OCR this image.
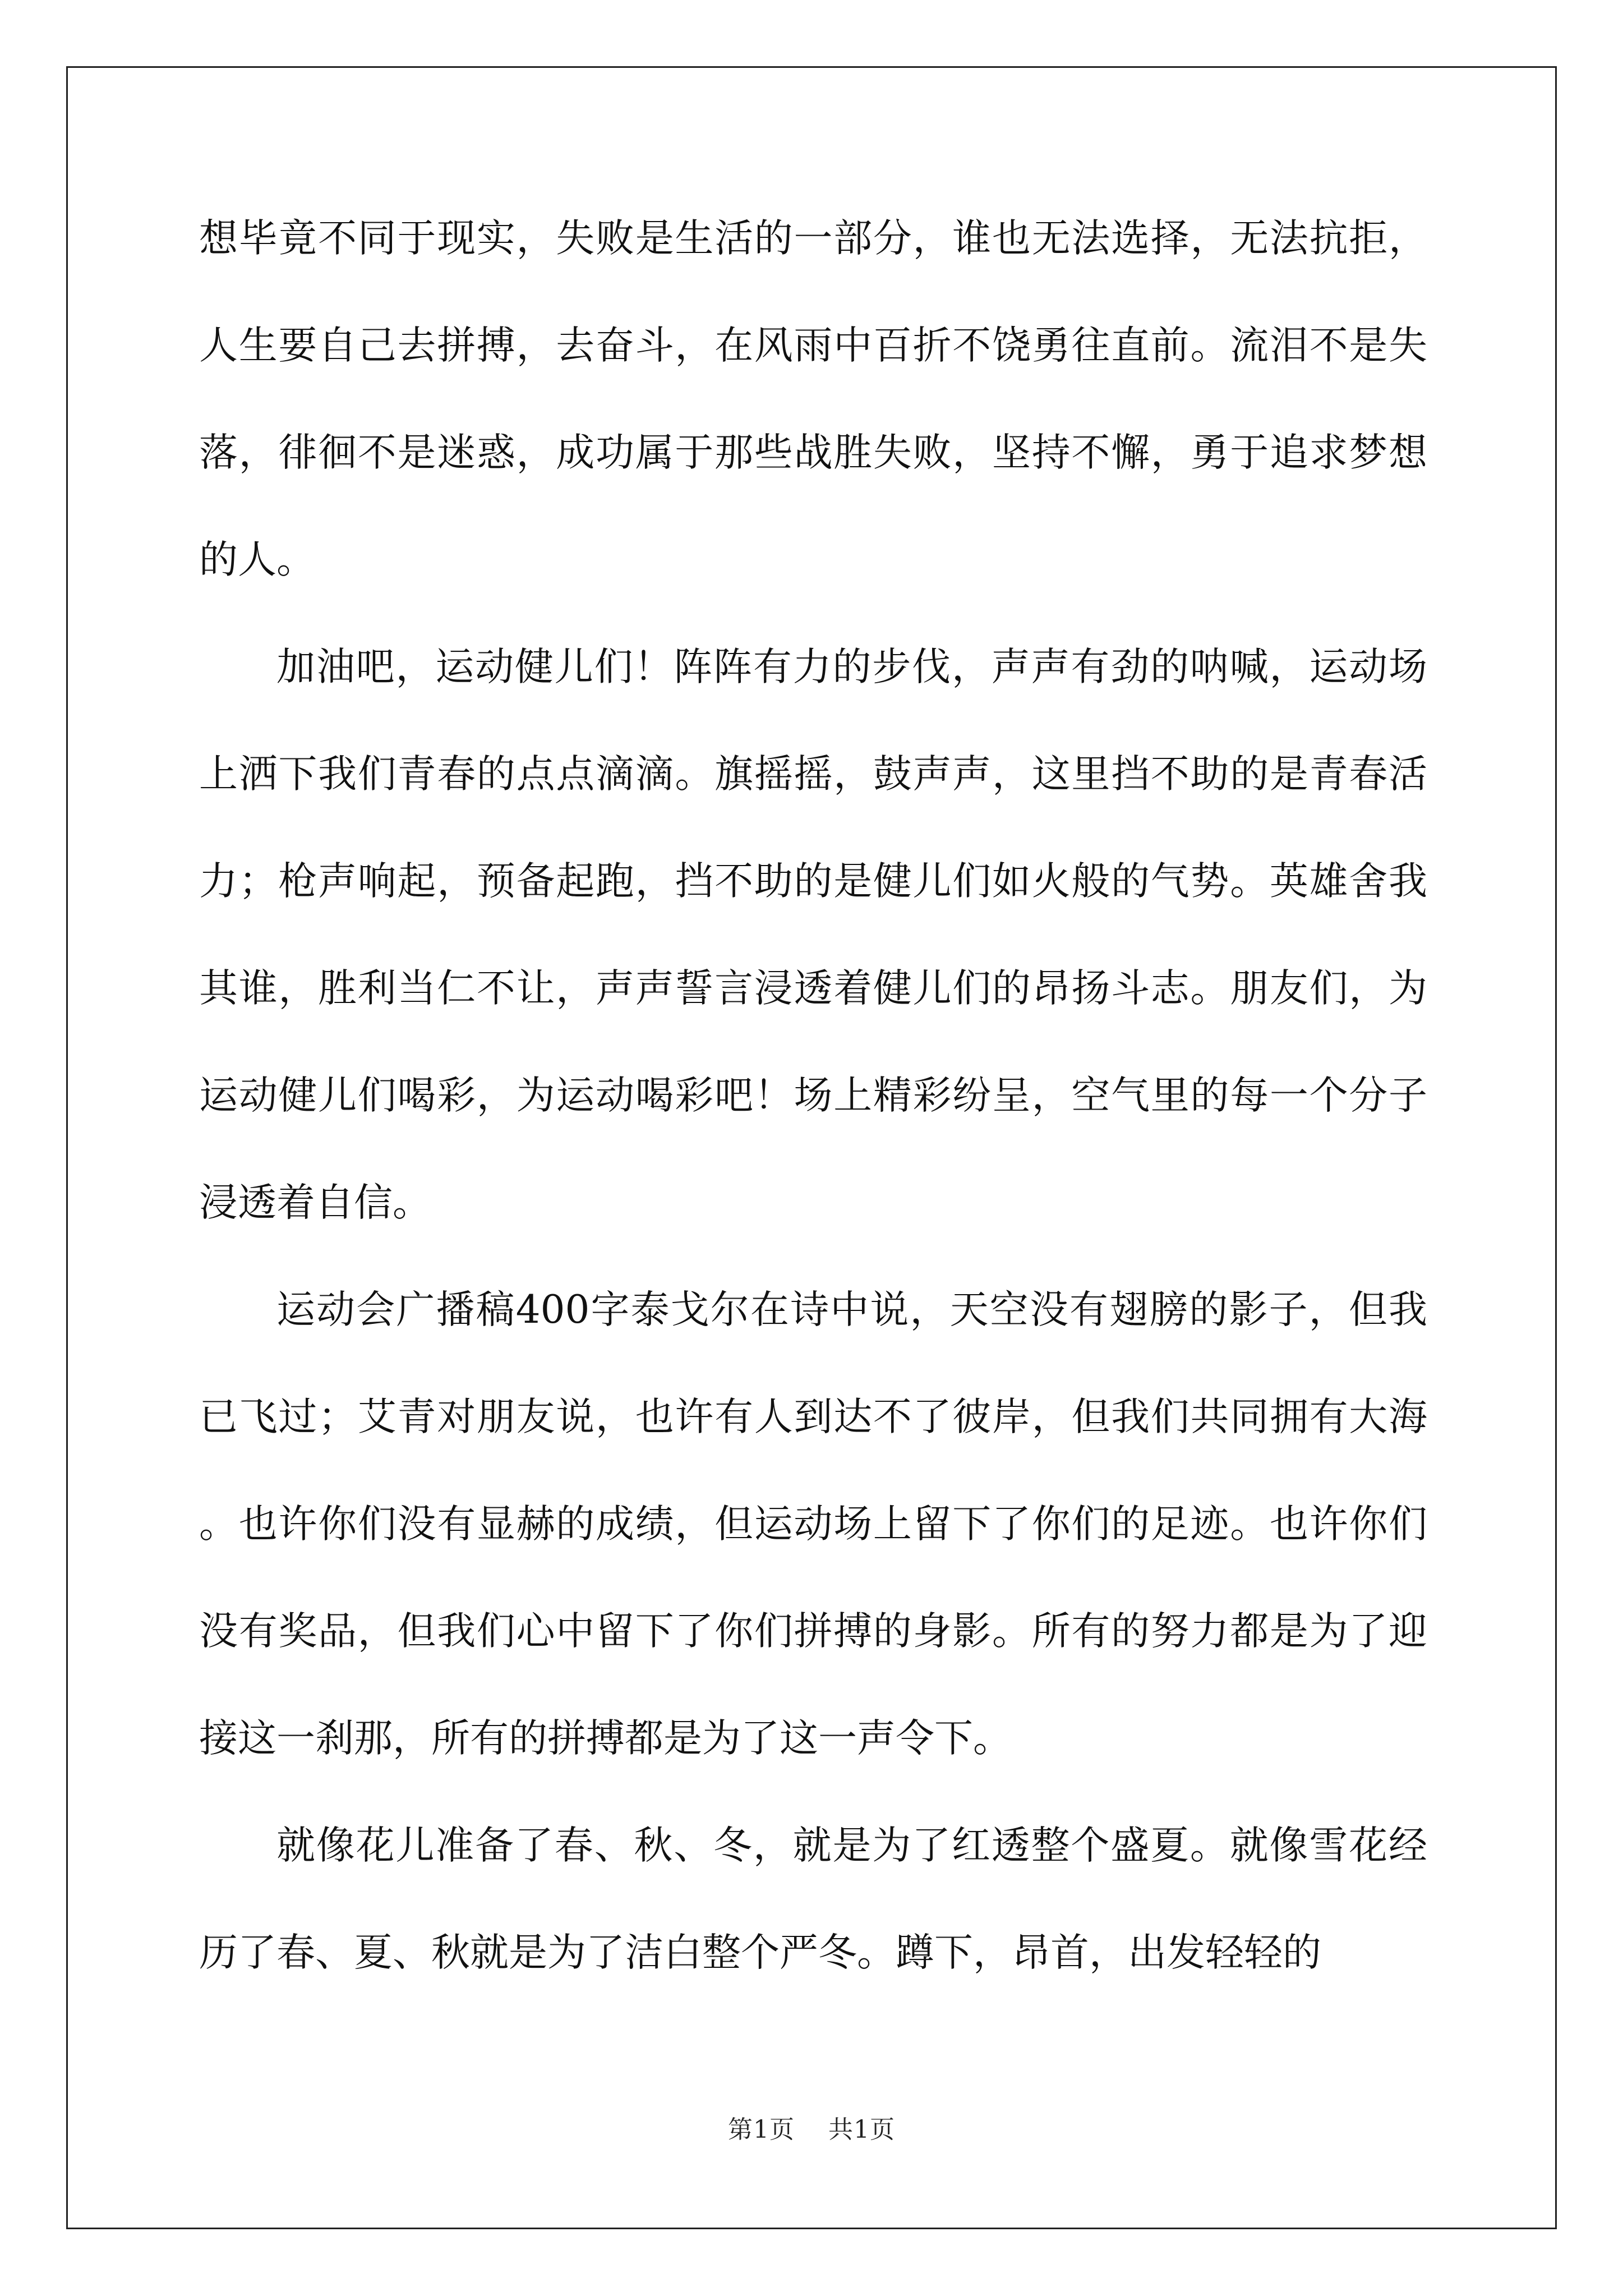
想毕竟不同于现实，失败是生活的一部分，谁也无法选择，无法抗拒，人生要自己去拼搏，去奋斗，在风雨中百折不饶勇往直前。流泪不是失落，徘徊不是迷惑，成功属于那些战胜失败，坚持不懈，勇于追求梦想的人。

加油吧，运动健儿们！阵阵有力的步伐，声声有劲的呐喊，运动场上洒下我们青春的点点滴滴。旗摇摇，鼓声声，这里挡不助的是青春活力；枪声响起，预备起跑，挡不助的是健儿们如火般的气势。英雄舍我其谁，胜利当仁不让，声声誓言浸透着健儿们的昂扬斗志。朋友们，为运动健儿们喝彩，为运动喝彩吧！场上精彩纷呈，空气里的每一个分子浸透着自信。

运动会广播稿400字泰戈尔在诗中说，天空没有翅膀的影子，但我已飞过；艾青对朋友说，也许有人到达不了彼岸，但我们共同拥有大海。也许你们没有显赫的成绩，但运动场上留下了你们的足迹。也许你们没有奖品，但我们心中留下了你们拼搏的身影。所有的努力都是为了迎接这一刹那，所有的拼搏都是为了这一声令下。

就像花儿准备了春、秋、冬，就是为了红透整个盛夏。就像雪花经历了春、夏、秋就是为了洁白整个严冬。蹲下，昂首，出发轻轻的

第1页 共1页
